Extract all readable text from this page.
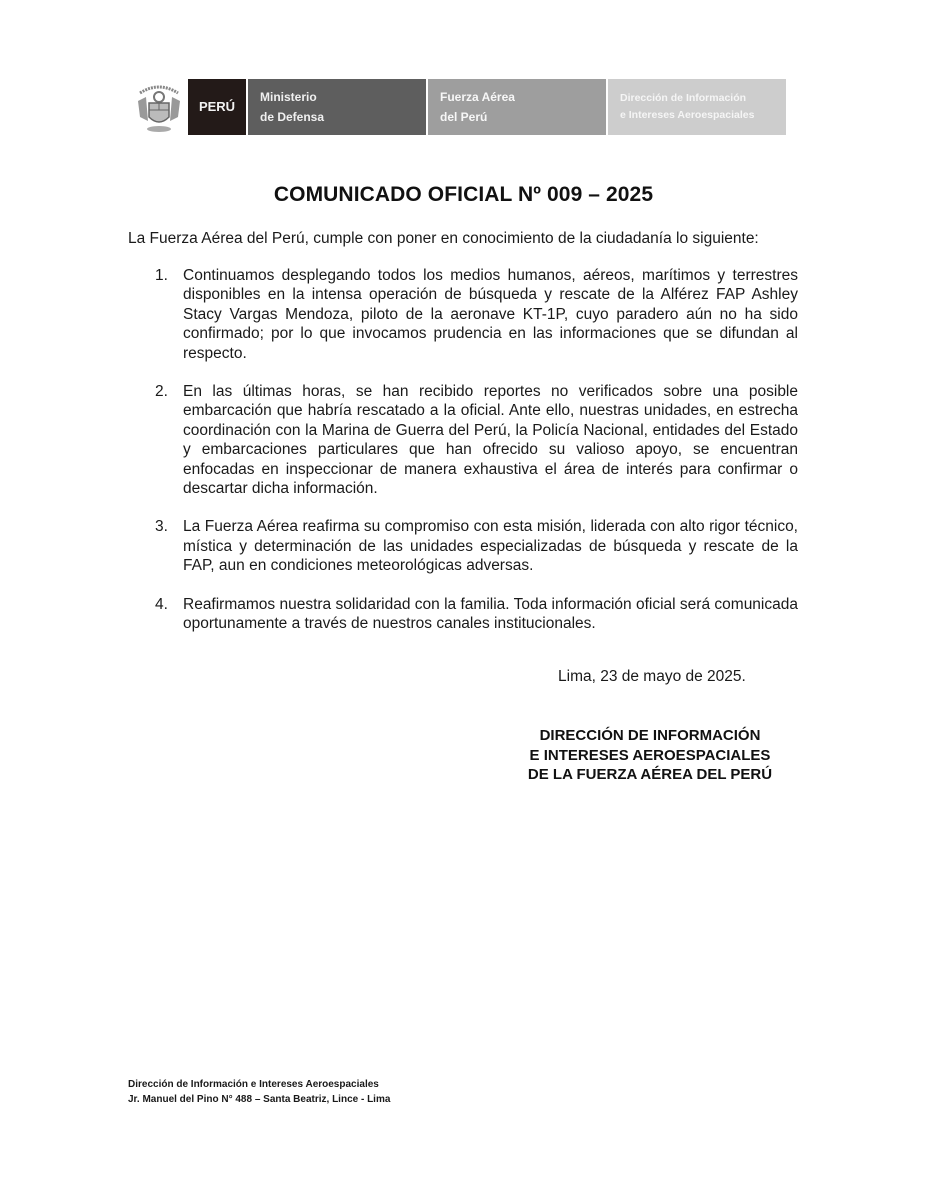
PERÚ
Ministerio
de Defensa
Fuerza Aérea
del Perú
Dirección de Información
e Intereses Aeroespaciales
COMUNICADO OFICIAL Nº 009 – 2025
La Fuerza Aérea del Perú, cumple con poner en conocimiento de la ciudadanía lo siguiente:
1. Continuamos desplegando todos los medios humanos, aéreos, marítimos y terrestres disponibles en la intensa operación de búsqueda y rescate de la Alférez FAP Ashley Stacy Vargas Mendoza, piloto de la aeronave KT-1P, cuyo paradero aún no ha sido confirmado; por lo que invocamos prudencia en las informaciones que se difundan al respecto.
2. En las últimas horas, se han recibido reportes no verificados sobre una posible embarcación que habría rescatado a la oficial. Ante ello, nuestras unidades, en estrecha coordinación con la Marina de Guerra del Perú, la Policía Nacional, entidades del Estado y embarcaciones particulares que han ofrecido su valioso apoyo, se encuentran enfocadas en inspeccionar de manera exhaustiva el área de interés para confirmar o descartar dicha información.
3. La Fuerza Aérea reafirma su compromiso con esta misión, liderada con alto rigor técnico, mística y determinación de las unidades especializadas de búsqueda y rescate de la FAP, aun en condiciones meteorológicas adversas.
4. Reafirmamos nuestra solidaridad con la familia. Toda información oficial será comunicada oportunamente a través de nuestros canales institucionales.
Lima, 23 de mayo de 2025.
DIRECCIÓN DE INFORMACIÓN
E INTERESES AEROESPACIALES
DE LA FUERZA AÉREA DEL PERÚ
Dirección de Información e Intereses Aeroespaciales
Jr. Manuel del Pino N° 488 – Santa Beatriz, Lince - Lima
